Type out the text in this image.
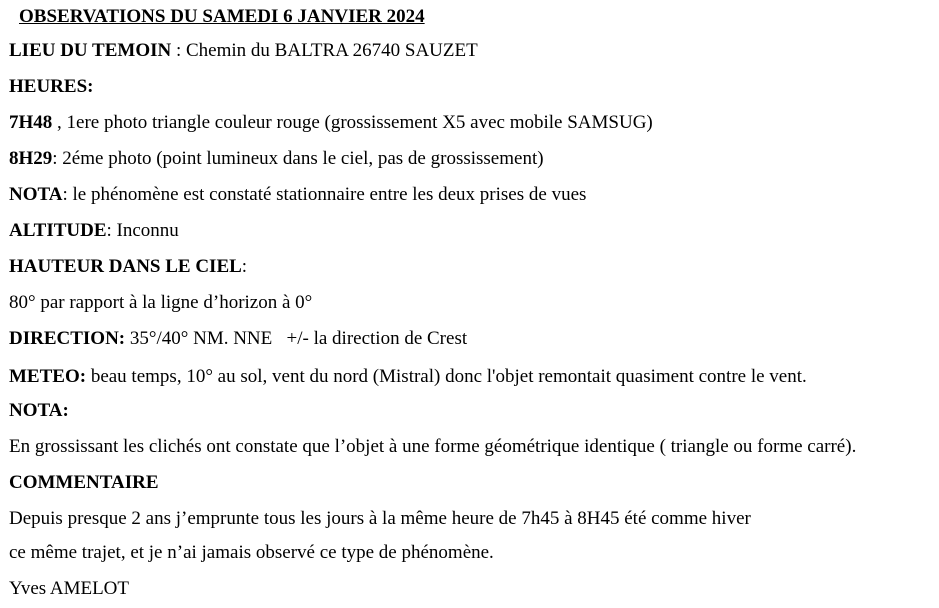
OBSERVATIONS DU SAMEDI 6 JANVIER 2024
LIEU DU TEMOIN : Chemin du BALTRA 26740 SAUZET
HEURES:
7H48 , 1ere photo triangle couleur rouge (grossissement X5 avec mobile SAMSUG)
8H29: 2éme photo (point lumineux dans le ciel, pas de grossissement)
NOTA: le phénomène est constaté stationnaire entre les deux prises de vues
ALTITUDE: Inconnu
HAUTEUR DANS LE CIEL:
80° par rapport à la ligne d’horizon à 0°
DIRECTION: 35°/40° NM. NNE   +/- la direction de Crest
METEO: beau temps, 10° au sol, vent du nord (Mistral) donc l'objet remontait quasiment contre le vent.
NOTA:
En grossissant les clichés ont constate que l’objet à une forme géométrique identique ( triangle ou forme carré).
COMMENTAIRE
Depuis presque 2 ans j’emprunte tous les jours à la même heure de 7h45 à 8H45 été comme hiver
ce même trajet, et je n’ai jamais observé ce type de phénomène.
Yves AMELOT
